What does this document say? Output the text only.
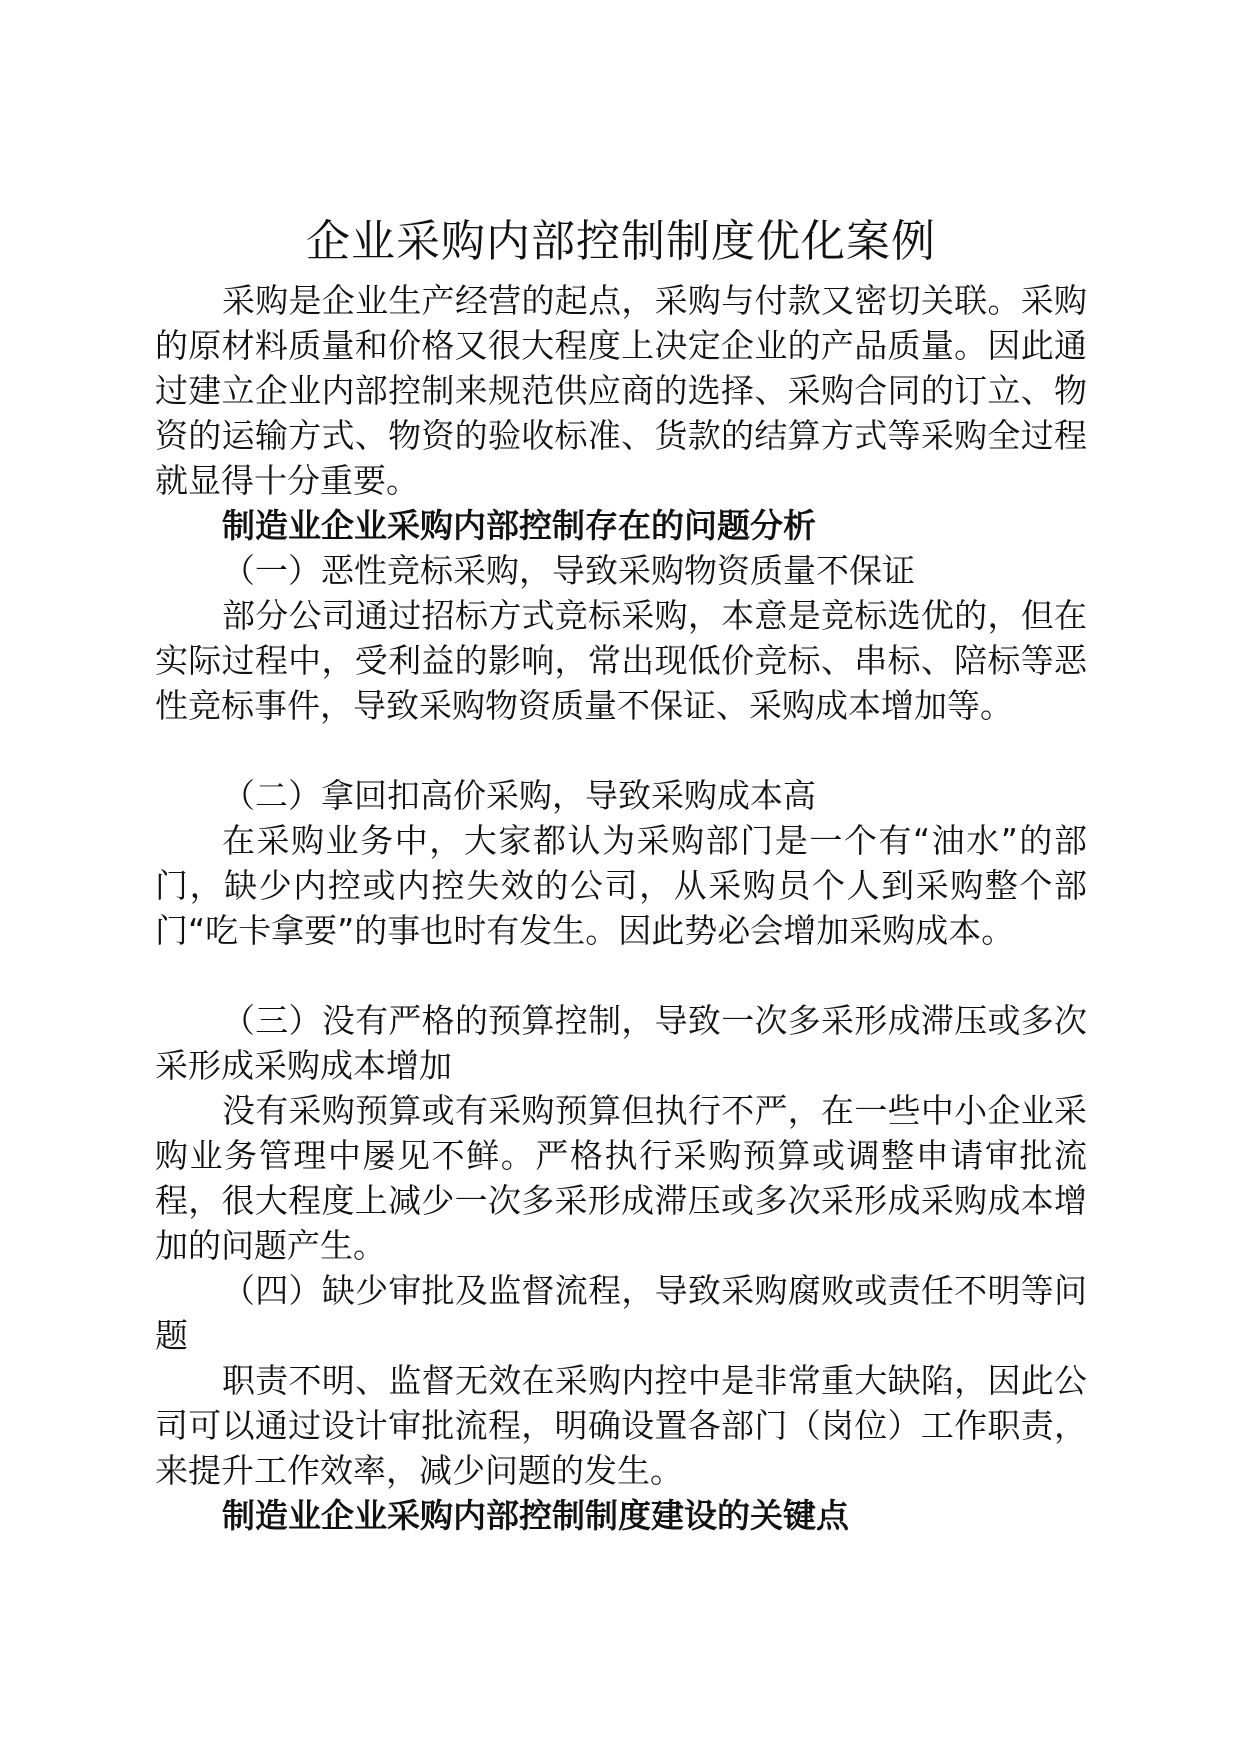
企业采购内部控制制度优化案例

采购是企业生产经营的起点，采购与付款又密切关联。采购的原材料质量和价格又很大程度上决定企业的产品质量。因此通过建立企业内部控制来规范供应商的选择、采购合同的订立、物资的运输方式、物资的验收标准、货款的结算方式等采购全过程就显得十分重要。

制造业企业采购内部控制存在的问题分析

（一）恶性竞标采购，导致采购物资质量不保证

部分公司通过招标方式竞标采购，本意是竞标选优的，但在实际过程中，受利益的影响，常出现低价竞标、串标、陪标等恶性竞标事件，导致采购物资质量不保证、采购成本增加等。

（二）拿回扣高价采购，导致采购成本高

在采购业务中，大家都认为采购部门是一个有“油水”的部门，缺少内控或内控失效的公司，从采购员个人到采购整个部门“吃卡拿要”的事也时有发生。因此势必会增加采购成本。

（三）没有严格的预算控制，导致一次多采形成滞压或多次采形成采购成本增加

没有采购预算或有采购预算但执行不严，在一些中小企业采购业务管理中屡见不鲜。严格执行采购预算或调整申请审批流程，很大程度上减少一次多采形成滞压或多次采形成采购成本增加的问题产生。

（四）缺少审批及监督流程，导致采购腐败或责任不明等问题

职责不明、监督无效在采购内控中是非常重大缺陷，因此公司可以通过设计审批流程，明确设置各部门（岗位）工作职责，来提升工作效率，减少问题的发生。

制造业企业采购内部控制制度建设的关键点
